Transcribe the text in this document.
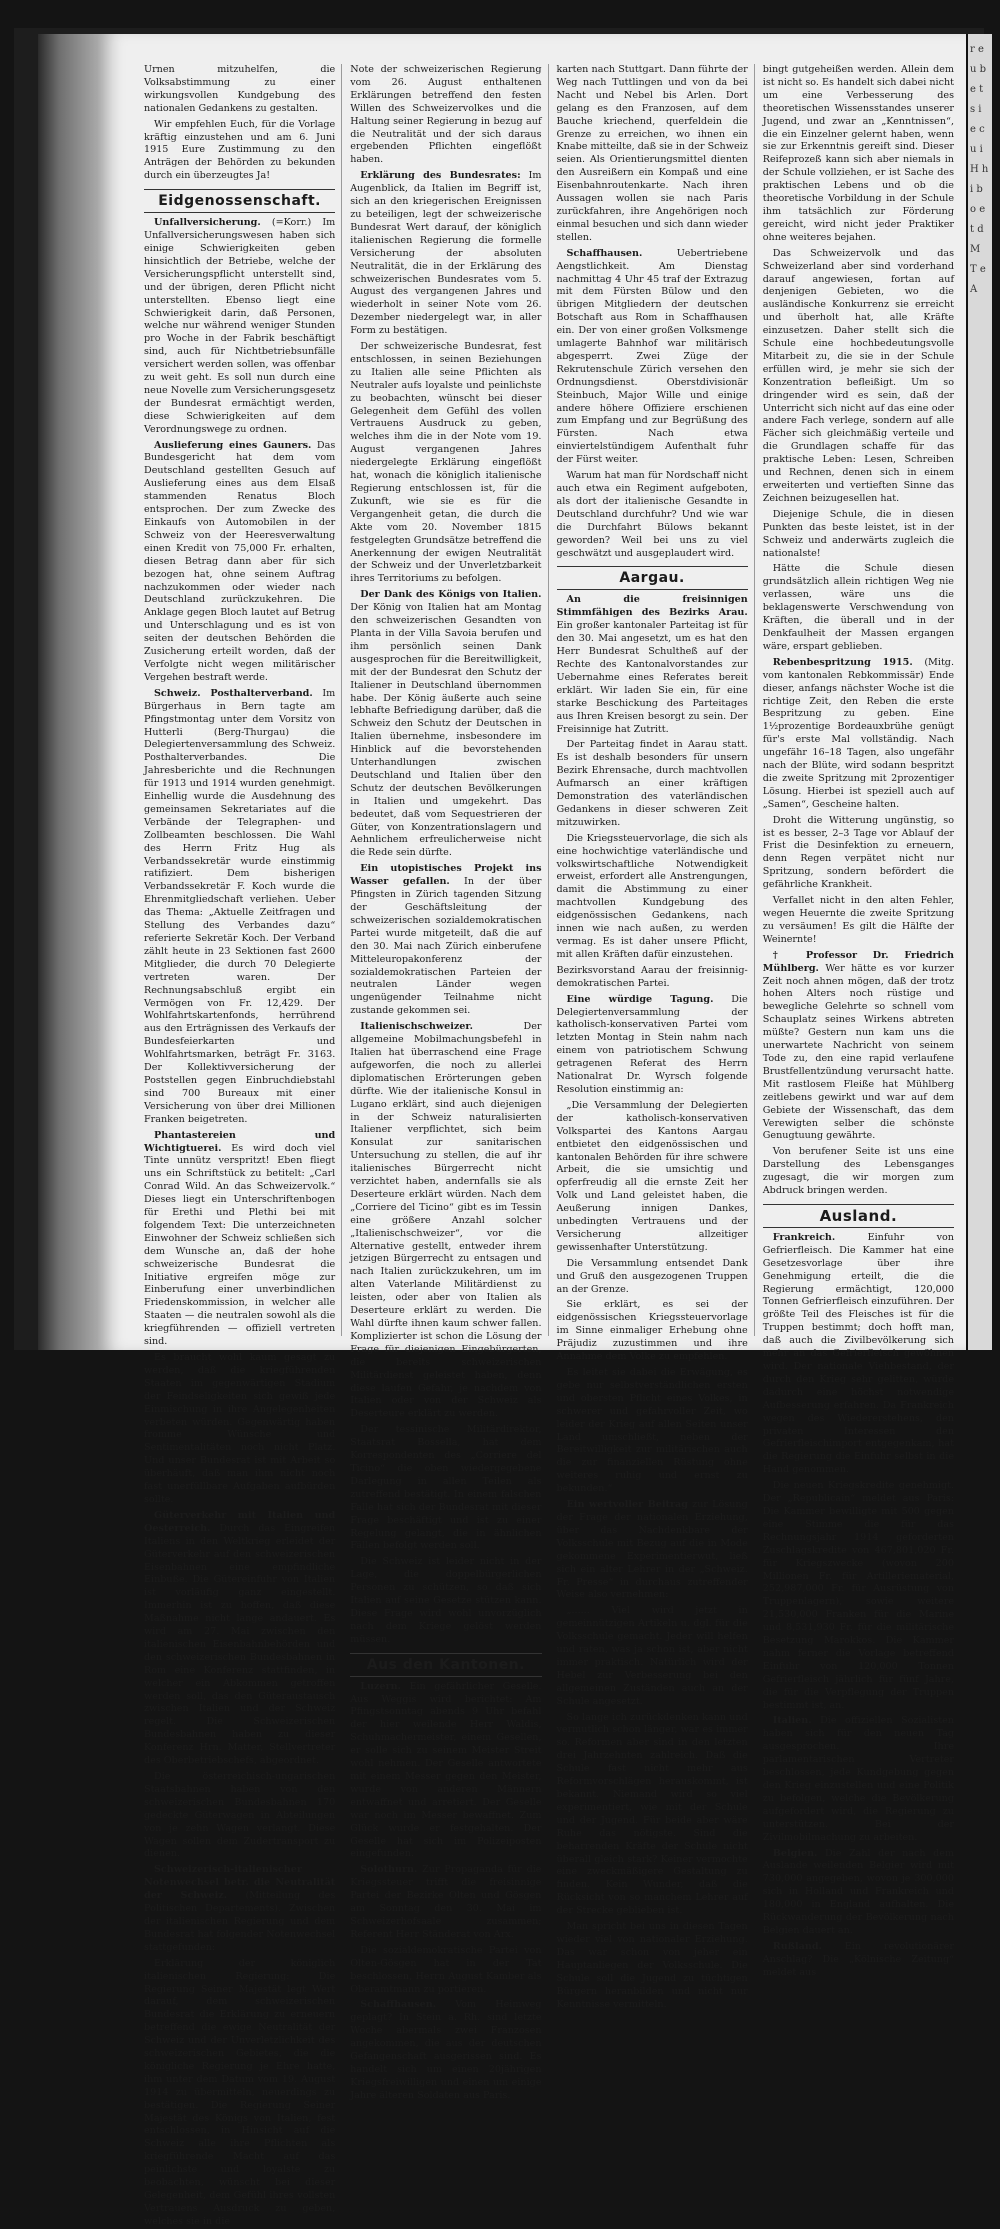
Urnen mitzuhelfen, die Volksabstimmung zu einer wirkungsvollen Kundgebung des nationalen Gedankens zu gestalten.

Wir empfehlen Euch, für die Vorlage kräftig einzustehen und am 6. Juni 1915 Eure Zustimmung zu den Anträgen der Behörden zu bekunden durch ein überzeugtes Ja!

Eidgenossenschaft.

Unfallversicherung. (=Korr.) Im Unfallversicherungswesen haben sich einige Schwierigkeiten geben hinsichtlich der Betriebe, welche der Versicherungspflicht unterstellt sind, und der übrigen, deren Pflicht nicht unterstellten. Ebenso liegt eine Schwierigkeit darin, daß Personen, welche nur während weniger Stunden pro Woche in der Fabrik beschäftigt sind, auch für Nichtbetriebsunfälle versichert werden sollen, was offenbar zu weit geht. Es soll nun durch eine neue Novelle zum Versicherungsgesetz der Bundesrat ermächtigt werden, diese Schwierigkeiten auf dem Verordnungswege zu ordnen.

Auslieferung eines Gauners. Das Bundesgericht hat dem vom Deutschland gestellten Gesuch auf Auslieferung eines aus dem Elsaß stammenden Renatus Bloch entsprochen. Der zum Zwecke des Einkaufs von Automobilen in der Schweiz von der Heeresverwaltung einen Kredit von 75,000 Fr. erhalten, diesen Betrag dann aber für sich bezogen hat, ohne seinem Auftrag nachzukommen oder wieder nach Deutschland zurückzukehren. Die Anklage gegen Bloch lautet auf Betrug und Unterschlagung und es ist von seiten der deutschen Behörden die Zusicherung erteilt worden, daß der Verfolgte nicht wegen militärischer Vergehen bestraft werde.

Schweiz. Posthalterverband. Im Bürgerhaus in Bern tagte am Pfingstmontag unter dem Vorsitz von Hutterli (Berg-Thurgau) die Delegiertenversammlung des Schweiz. Posthalterverbandes. Die Jahresberichte und die Rechnungen für 1913 und 1914 wurden genehmigt. Einhellig wurde die Ausdehnung des gemeinsamen Sekretariates auf die Verbände der Telegraphen- und Zollbeamten beschlossen. Die Wahl des Herrn Fritz Hug als Verbandssekretär wurde einstimmig ratifiziert. Dem bisherigen Verbandssekretär F. Koch wurde die Ehrenmitgliedschaft verliehen. Ueber das Thema: „Aktuelle Zeitfragen und Stellung des Verbandes dazu“ referierte Sekretär Koch. Der Verband zählt heute in 23 Sektionen fast 2600 Mitglieder, die durch 70 Delegierte vertreten waren. Der Rechnungsabschluß ergibt ein Vermögen von Fr. 12,429. Der Wohlfahrtskartenfonds, herrührend aus den Erträgnissen des Verkaufs der Bundesfeierkarten und Wohlfahrtsmarken, beträgt Fr. 3163. Der Kollektivversicherung der Poststellen gegen Einbruchdiebstahl sind 700 Bureaux mit einer Versicherung von über drei Millionen Franken beigetreten.

Phantastereien und Wichtigtuerei. Es wird doch viel Tinte unnütz verspritzt! Eben fliegt uns ein Schriftstück zu betitelt: „Carl Conrad Wild. An das Schweizervolk.“ Dieses liegt ein Unterschriftenbogen für Erethi und Plethi bei mit folgendem Text: Die unterzeichneten Einwohner der Schweiz schließen sich dem Wunsche an, daß der hohe schweizerische Bundesrat die Initiative ergreifen möge zur Einberufung einer unverbindlichen Friedenskommission, in welcher alle Staaten — die neutralen sowohl als die kriegführenden — offiziell vertreten sind.

Es braucht wohl kaum gesagt zu werden, daß die kriegführenden Staaten im gegenwärtigen Stadium der Feindseligkeiten sich gewiß jede Einmischung in ihre Angelegenheiten verbeten würden. Gegenwärtig haben fromme Wünsche und Sentimentalitäten noch nicht Platz. Und unser Bundesrat ist mit Arbeit so überhäuft, daß man ihm nicht noch fast unerfüllbare Aufgaben aufbürden sollte.

Güterverkehr mit Italien und Oesterreich. Durch das Eingreifen Italiens in den Weltkrieg erleidet der Güterverkehr auf den schweizerischen Eisenbahnen eine empfindliche Einbuße. Die Gütereinfuhr von Italien ist vorläufig ganz eingestellt. Immerhin ist zu hoffen, daß diese Maßnahme nicht lange andauert. Es wird am 27. Mai zwischen den italienischen Eisenbahnbehörden und den schweizerischen Bundesbahnen in Rom eine Konferenz stattfinden, in welcher ein Abkommen getroffen werden soll, das den Güteraustausch zwischen Italien und der Schweiz regelt. Die Schweizerischen Bundesbahnen haben zu dieser Konferenz Hrn. Matter, Stellvertreter des Oberbetriebschefs, abgeordnet.

Die österreichisch-ungarischen Staatsbahnen haben von den schweizerischen Bundesbahnen 170 gedeckte Güterwagen in Abteilungen von je zehn Wagen verlangt. Diese Wagen sollen dem Zudertransport zu dienen.

Schweizerisch-italienischer Notenwechsel betr. die Neutralität der Schweiz. (Mitteilung des Politischen Departements). Zwischen der italienischen Regierung und dem Bundesrat hat folgender Notenwechsel stattgefunden:

Erklärung der königlich italienischen Regierung: Die Regierung Seiner Majestät legt Wert darauf, dem schweizerischen Bundesrat die Erklärung zu erneuern betreffend die ewige Neutralität der Schweiz und der Unverletzlichkeit des schweizerischen Gebietes, die die königliche Regierung je Ehre hatte, ihm unter dem Datum vom 19. August 1914 zu übermitteln, neuerdings zu bestätigen. Die Regierung Seiner Majestät des Königs von Italien, fest entschlossen, in Hinsicht auf die Schweiz alle ihre Pflichten als kriegführende Macht auf das peinlichste und loyalste zu beobachten, wünscht bei dieser Gelegenheit, dem Gefühl ihres vollsten Vertrauens Ausdruck zu geben, welches sie in die

Note der schweizerischen Regierung vom 26. August enthaltenen Erklärungen betreffend den festen Willen des Schweizervolkes und die Haltung seiner Regierung in bezug auf die Neutralität und der sich daraus ergebenden Pflichten eingeflößt haben.

Erklärung des Bundesrates: Im Augenblick, da Italien im Begriff ist, sich an den kriegerischen Ereignissen zu beteiligen, legt der schweizerische Bundesrat Wert darauf, der königlich italienischen Regierung die formelle Versicherung der absoluten Neutralität, die in der Erklärung des schweizerischen Bundesrates vom 5. August des vergangenen Jahres und wiederholt in seiner Note vom 26. Dezember niedergelegt war, in aller Form zu bestätigen.

Der schweizerische Bundesrat, fest entschlossen, in seinen Beziehungen zu Italien alle seine Pflichten als Neutraler aufs loyalste und peinlichste zu beobachten, wünscht bei dieser Gelegenheit dem Gefühl des vollen Vertrauens Ausdruck zu geben, welches ihm die in der Note vom 19. August vergangenen Jahres niedergelegte Erklärung eingeflößt hat, wonach die königlich italienische Regierung entschlossen ist, für die Zukunft, wie sie es für die Vergangenheit getan, die durch die Akte vom 20. November 1815 festgelegten Grundsätze betreffend die Anerkennung der ewigen Neutralität der Schweiz und der Unverletzbarkeit ihres Territoriums zu befolgen.

Der Dank des Königs von Italien. Der König von Italien hat am Montag den schweizerischen Gesandten von Planta in der Villa Savoia berufen und ihm persönlich seinen Dank ausgesprochen für die Bereitwilligkeit, mit der der Bundesrat den Schutz der Italiener in Deutschland übernommen habe. Der König äußerte auch seine lebhafte Befriedigung darüber, daß die Schweiz den Schutz der Deutschen in Italien übernehme, insbesondere im Hinblick auf die bevorstehenden Unterhandlungen zwischen Deutschland und Italien über den Schutz der deutschen Bevölkerungen in Italien und umgekehrt. Das bedeutet, daß vom Sequestrieren der Güter, von Konzentrationslagern und Aehnlichem erfreulicherweise nicht die Rede sein dürfte.

Ein utopistisches Projekt ins Wasser gefallen. In der über Pfingsten in Zürich tagenden Sitzung der Geschäftsleitung der schweizerischen sozialdemokratischen Partei wurde mitgeteilt, daß die auf den 30. Mai nach Zürich einberufene Mitteleuropakonferenz der sozialdemokratischen Parteien der neutralen Länder wegen ungenügender Teilnahme nicht zustande gekommen sei.

Italienischschweizer.	Der allgemeine Mobilmachungsbefehl in Italien hat überraschend eine Frage aufgeworfen, die noch zu allerlei diplomatischen Erörterungen geben dürfte. Wie der italienische Konsul in Lugano erklärt, sind auch diejenigen in der Schweiz naturalisierten Italiener verpflichtet, sich beim Konsulat zur sanitarischen Untersuchung zu stellen, die auf ihr italienisches Bürgerrecht nicht verzichtet haben, andernfalls sie als Deserteure erklärt würden. Nach dem „Corriere del Ticino“ gibt es im Tessin eine größere Anzahl solcher „Italienischschweizer“, vor die Alternative gestellt, entweder ihrem jetzigen Bürgerrecht zu entsagen und nach Italien zurückzukehren, um im alten Vaterlande Militärdienst zu leisten, oder aber von Italien als Deserteure erklärt zu werden. Die Wahl dürfte ihnen kaum schwer fallen. Komplizierter ist schon die Lösung der Frage für diejenigen Eingebürgerten, die bereits schweizerischen Militärdienst geleistet haben, denn diese laufen Gefahr, je nachdem von Italien oder von der Schweiz als Deserteure erklärt zu werden.

Der tessinische Militärdirektor, Staatsrat Bossella, hat dem Korrespondenten des „Corriere del Ticino“ die oben wiedergegebene Darlegung in allen Teilen als zutreffend bestätigt. In einem falschen Falle hat sich der Bundesrat mit dieser Frage beschäftigt und ist zu einer Regelung gelangt, die in ähnlichen Fällen befolgt werden soll.

Die Schweiz ist leider nicht in der Lage, die doppelbürgerlichen Personen zu schützen, so daß sich Italien auf seine Gesetze stützen kann. Diese Frage wird wohl unvorzüglich nach dem Kriege gelöst werden müssen.

Aus den Kantonen.

Luzern. Ein gefährlicher Geselle. Aus Weggis wird berichtet: Am Pfingstsonntag abends 9 Uhr befahl der hier weilende Herr Waldis, Schuhmachermeister, einem Gesellen, er solle sich zu seinem Meister Streit wohl nehmen. Der Geselle antwortete mit einem Messer gegen den Meister, wurde von anderen Männern entwaffnet und arretiert. Der Geselle war noch im Messer bewaffnet. Zum Glück wurde er festgehalten. Der Geselle hat sich im Polizeiposten eingefunden.

Solothurn. Zur Propaganda für die Kriegssteuer trifft die freisinnige Partei der Bezirke Olten und Gösgen am Sonntag den 30. Mai im Schweizerhofsaale zusammen; Referent Herr Ständerat von Arx.

Die sozialdemokratische Partei von Olten-Gösgen hat in der Tat beschlossen, Herrn August Kamber als Oberamtmann zu portieren.

Schaffhausen. Vom Heimweg geplagt? In Stein a. Rh. sind letzte Woche abermals zwei Franzosen angekommen, die aus der deutschen Gefangenschaft ausgerissen sind. Es handelt sich um einen 20jährigen Kriegsfreiwilligen und einen um einige Jahre älteren Soldaten aus Paris.

karten nach Stuttgart. Dann führte der Weg nach Tuttlingen und von da bei Nacht und Nebel bis Arlen. Dort gelang es den Franzosen, auf dem Bauche kriechend, querfeldein die Grenze zu erreichen, wo ihnen ein Knabe mitteilte, daß sie in der Schweiz seien. Als Orientierungsmittel dienten den Ausreißern ein Kompaß und eine Eisenbahnroutenkarte. Nach ihren Aussagen wollen sie nach Paris zurückfahren, ihre Angehörigen noch einmal besuchen und sich dann wieder stellen.

Schaffhausen.	Uebertriebene Aengstlichkeit. Am Dienstag nachmittag 4 Uhr 45 traf der Extrazug mit dem Fürsten Bülow und den übrigen Mitgliedern der deutschen Botschaft aus Rom in Schaffhausen ein. Der von einer großen Volksmenge umlagerte Bahnhof war militärisch abgesperrt. Zwei Züge der Rekrutenschule Zürich versehen den Ordnungsdienst. Oberstdivisionär Steinbuch, Major Wille und einige andere höhere Offiziere erschienen zum Empfang und zur Begrüßung des Fürsten. Nach etwa einviertelstündigem Aufenthalt fuhr der Fürst weiter.

Warum hat man für Nordschaff nicht auch etwa ein Regiment aufgeboten, als dort der italienische Gesandte in Deutschland durchfuhr? Und wie war die Durchfahrt Bülows bekannt geworden? Weil bei uns zu viel geschwätzt und ausgeplaudert wird.

Aargau.

An die freisinnigen Stimmfähigen des Bezirks Arau. Ein großer kantonaler Parteitag ist für den 30. Mai angesetzt, um es hat den Herr Bundesrat Schultheß auf der Rechte des Kantonalvorstandes zur Uebernahme eines Referates bereit erklärt. Wir laden Sie ein, für eine starke Beschickung des Parteitages aus Ihren Kreisen besorgt zu sein. Der Freisinnige hat Zutritt.

Der Parteitag findet in Aarau statt. Es ist deshalb besonders für unsern Bezirk Ehrensache, durch machtvollen Aufmarsch an einer kräftigen Demonstration des vaterländischen Gedankens in dieser schweren Zeit mitzuwirken.

Die Kriegssteuervorlage, die sich als eine hochwichtige vaterländische und volkswirtschaftliche Notwendigkeit erweist, erfordert alle Anstrengungen, damit die Abstimmung zu einer machtvollen Kundgebung des eidgenössischen Gedankens, nach innen wie nach außen, zu werden vermag. Es ist daher unsere Pflicht, mit allen Kräften dafür einzustehen.

Bezirksvorstand Aarau der freisinnig-demokratischen Partei.

Eine würdige Tagung. Die Delegiertenversammlung der katholisch-konservativen Partei vom letzten Montag in Stein nahm nach einem von patriotischem Schwung getragenen Referat des Herrn Nationalrat Dr. Wyrsch folgende Resolution einstimmig an:

„Die Versammlung der Delegierten der katholisch-konservativen Volkspartei des Kantons Aargau entbietet den eidgenössischen und kantonalen Behörden für ihre schwere Arbeit, die sie umsichtig und opferfreudig all die ernste Zeit her Volk und Land geleistet haben, die Aeußerung innigen Dankes, unbedingten Vertrauens und der Versicherung allzeitiger gewissenhafter Unterstützung.

Die Versammlung entsendet Dank und Gruß den ausgezogenen Truppen an der Grenze.

Sie erklärt, es sei der eidgenössischen Kriegssteuervorlage im Sinne einmaliger Erhebung ohne Präjudiz zuzustimmen und ihre Annahme dem Volke zu empfehlen.

Es leitet sie dabei die Erwägung, es gebe nur selbstverständlichen ersten und obersten Pflicht eines Volkes, in schwerer und gefahrvoller Zeit, wo leider der Krieg auf allen Seiten unser Land umschließt, neben der Bereitwilligkeit zur militärischen auch die zur finanziellen Rüstung ohne weiteres ruhig und ernst zu bekunden.“

Ein wertvoller Beitrag zur Lösung der Frage der nationalen Erziehung, über das Nachdenkbare der Volksschule mit Bezug auf die in Mode gekommene Experimentierwut, ließ sich ein alter Lehrer in der „Schweiz. Fr. Presse“ in durchaus zutreffender Weise also vernehmen:

„...... Viel wird jetzt in gemeinnützigen Artikeln u. dgl. für die Volksschule gemacht. Jeder will helfen und raten, was ja schon ist, aber nicht immer praktisch. Natürlich wird der Hebel zur Verbesserung bei den allgemeinen Zuständen auch an der Schule angesetzt.

So lange ich zurückdenken kann und vermutlich schon länger, war es immer so. Reformen aber sind in den letzten drei Jahrzehnten zahlreich. Daß die Schule fast nicht mehr aus Reformvorschlägen herauskommt, ist bekannt. Niemand wird so viel experimentiert, wie mit der Schule und der Jugend. Für beide aber wäre Ruhe das nötigste. Sind die beharrenden Kräfte der Schule nicht überall gleich stark? Keiner vermochte eine zweckmäßigere Gestaltung zu finden. Kein Wunder, daß die Rücksicht von so manchem Lehrer auf der Strecke geblieben ist.

Man spricht bei uns in diesen Tagen wieder viel von nationaler Erziehung. Das war schon von jeher ein Hauptanliegen der Volksschule. Die Schule soll die Jugend zu tüchtigen Bürgern heranbilden und nicht nur Kenntnisse vermitteln.

bingt gutgeheißen werden. Allein dem ist nicht so. Es handelt sich dabei nicht um eine Verbesserung des theoretischen Wissensstandes unserer Jugend, und zwar an „Kenntnissen“, die ein Einzelner gelernt haben, wenn sie zur Erkenntnis gereift sind. Dieser Reifeprozeß kann sich aber niemals in der Schule vollziehen, er ist Sache des praktischen Lebens und ob die theoretische Vorbildung in der Schule ihm tatsächlich zur Förderung gereicht, wird nicht jeder Praktiker ohne weiteres bejahen.

Das Schweizervolk und das Schweizerland aber sind vorderhand darauf angewiesen, fortan auf denjenigen Gebieten, wo die ausländische Konkurrenz sie erreicht und überholt hat, alle Kräfte einzusetzen. Daher stellt sich die Schule eine hochbedeutungsvolle Mitarbeit zu, die sie in der Schule erfüllen wird, je mehr sie sich der Konzentration befleißigt. Um so dringender wird es sein, daß der Unterricht sich nicht auf das eine oder andere Fach verlege, sondern auf alle Fächer sich gleichmäßig verteile und die Grundlagen schaffe für das praktische Leben: Lesen, Schreiben und Rechnen, denen sich in einem erweiterten und vertieften Sinne das Zeichnen beizugesellen hat.

Diejenige Schule, die in diesen Punkten das beste leistet, ist in der Schweiz und anderwärts zugleich die nationalste!

Hätte die Schule diesen grundsätzlich allein richtigen Weg nie verlassen, wäre uns die beklagenswerte Verschwendung von Kräften, die überall und in der Denkfaulheit der Massen ergangen wäre, erspart geblieben.

Rebenbespritzung 1915. (Mitg. vom kantonalen Rebkommissär) Ende dieser, anfangs nächster Woche ist die richtige Zeit, den Reben die erste Bespritzung zu geben. Eine 1½prozentige Bordeauxbrühe genügt für's erste Mal vollständig. Nach ungefähr 16–18 Tagen, also ungefähr nach der Blüte, wird sodann bespritzt die zweite Spritzung mit 2prozentiger Lösung. Hierbei ist speziell auch auf „Samen“, Gescheine halten.

Droht die Witterung ungünstig, so ist es besser, 2–3 Tage vor Ablauf der Frist die Desinfektion zu erneuern, denn Regen verpätet nicht nur Spritzung, sondern befördert die gefährliche Krankheit.

Verfallet nicht in den alten Fehler, wegen Heuernte die zweite Spritzung zu versäumen! Es gilt die Hälfte der Weinernte!

† Professor Dr. Friedrich Mühlberg. Wer hätte es vor kurzer Zeit noch ahnen mögen, daß der trotz hohen Alters noch rüstige und bewegliche Gelehrte so schnell vom Schauplatz seines Wirkens abtreten müßte? Gestern nun kam uns die unerwartete Nachricht von seinem Tode zu, den eine rapid verlaufene Brustfellentzündung verursacht hatte. Mit rastlosem Fleiße hat Mühlberg zeitlebens gewirkt und war auf dem Gebiete der Wissenschaft, das dem Verewigten selber die schönste Genugtuung gewährte.

Von berufener Seite ist uns eine Darstellung des Lebensganges zugesagt, die wir morgen zum Abdruck bringen werden.

Ausland.

Frankreich.	Einfuhr von Gefrierfleisch. Die Kammer hat eine Gesetzesvorlage über ihre Genehmigung erteilt, die die Regierung ermächtigt, 120,000 Tonnen Gefrierfleisch einzuführen. Der größte Teil des Fleisches ist für die Truppen bestimmt; doch hofft man, daß auch die Zivilbevölkerung sich mehr an das Gefrierfleisch gewöhnen wird. Der nationale Viehbestand, der durch den Krieg sehr gelitten, würde dadurch eine höchst notwendige Aufbesserung erfahren. Da Frankreich wegen des Wiedererstehens, den privaten Interessen den Gefrierfleischimport entgegenkam, hat die Regierung die Einfuhr selbst in die Hand genommen.

Die neuen Kriegskredite genehmigt. Der „Republicain“ meldet aus Paris: Die Kammer bewilligte mit 500 gegen eine Stimme die für das Rechnungsjahr 1914 geforderten Zuschlagskredite von 467,801,020 Fr. für Kriegszwecke (wovon 200 Millionen Fr. für Artilleriematerial, 252,987,000 Fr. für Ausrüstung von Truppenlagern), sowie weitere 21,530,000 Franken für die Marine und 8,531,930 Fr. für die militärische Besetzung Marokkos. Die Kammer nahm ferner die Vorlage betreffend Einfuhr von 120,000 Tonnen Gefrierfleisch jährlich für fünf Jahre, die für die Verpflegung der Truppen bestimmt ist, an.

Italien. Die offiziellen Sozialisten haben sich für den neuen Tag ausgesprochen. Ihre parlamentarischen Vertreter beschlossen, jede Kundgebung gegen den Krieg einzustellen und eine Politik zu befolgen, welche die Bevölkerung aufgefordert wird, die Regierung zu unterstützen. Bei der Zivilmobilmachung zu arbeiten.

Belgien. Die Zahl der nach dem Auslande weilenden Belgier wird mit 730,000 angegeben, wovon je 300,000 sich in Holland und Frankreich und 180,000 in England aufhalten. Die Rückwanderung der Bevölkerung nach Belgien dauert an.

Rußland. Ein revolutionärer Anschlag? Die „Kölnische Zeitung“ meldet aus

r e u b e t s i e c u i H h i b o e t d M T e A
